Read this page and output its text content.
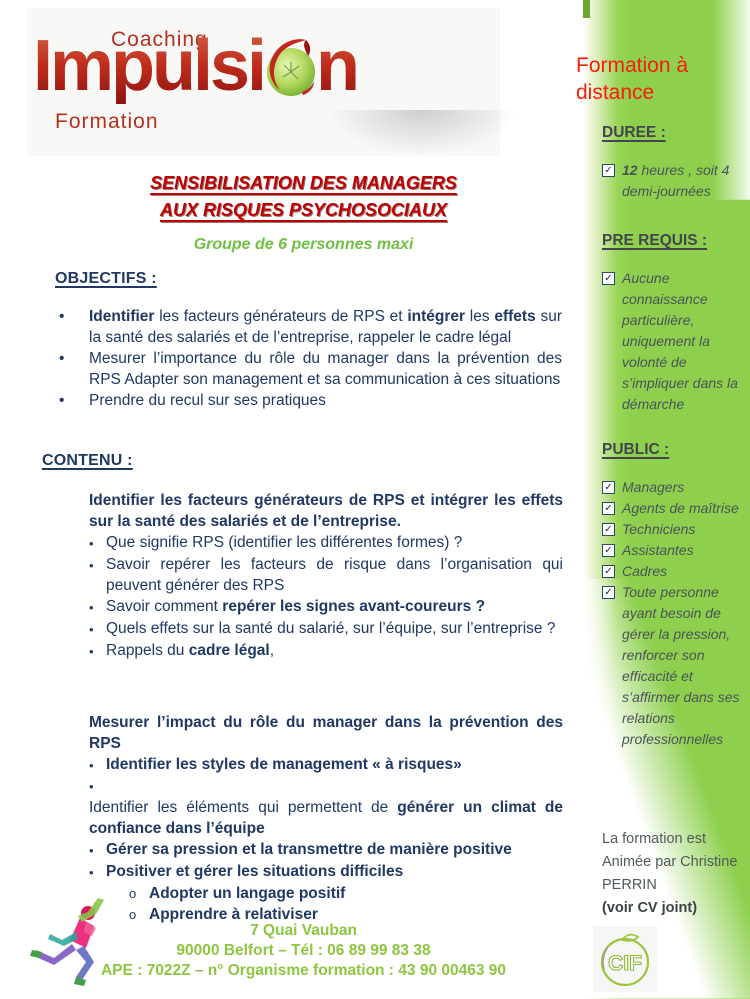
Impulsi n
Formation
SENSIBILISATION DES MANAGERS
AUX RISQUES PSYCHOSOCIAUX
Groupe de 6 personnes maxi
OBJECTIFS :
• Identifier les facteurs générateurs de RPS et intégrer les effets sur la santé des salariés et de l’entreprise, rappeler le cadre légal
• Mesurer l’importance du rôle du manager dans la prévention des RPS Adapter son management et sa communication à ces situations
• Prendre du recul sur ses pratiques
CONTENU :
Identifier les facteurs générateurs de RPS et intégrer les effets sur la santé des salariés et de l’entreprise.
• Que signifie RPS (identifier les différentes formes) ?
• Savoir repérer les facteurs de risque dans l’organisation qui peuvent générer des RPS
• Savoir comment repérer les signes avant-coureurs ?
• Quels effets sur la santé du salarié, sur l’équipe, sur l’entreprise ?
• Rappels du cadre légal,
Mesurer l’impact du rôle du manager dans la prévention des RPS
• Identifier les styles de management « à risques»
•  Identifier les éléments qui permettent de générer un climat de confiance dans l’équipe
• Gérer sa pression et la transmettre de manière positive
• Positiver et gérer les situations difficiles
o Adopter un langage positif
o Apprendre à relativiser
7 Quai Vauban
90000 Belfort – Tél : 06 89 99 83 38
APE : 7022Z – n° Organisme formation : 43 90 00463 90
Formation à distance
DUREE :
✓
12 heures , soit 4 demi-journées
PRE REQUIS :
✓
Aucune connaissance particulière, uniquement la volonté de s’impliquer dans la démarche
PUBLIC :
✓
Managers
✓
Agents de maîtrise
✓
Techniciens
✓
Assistantes
✓
Cadres
✓
Toute personne ayant besoin de gérer la pression, renforcer son efficacité et s’affirmer dans ses relations professionnelles
La formation est Animée par Christine PERRIN
(voir CV joint)
CIF
